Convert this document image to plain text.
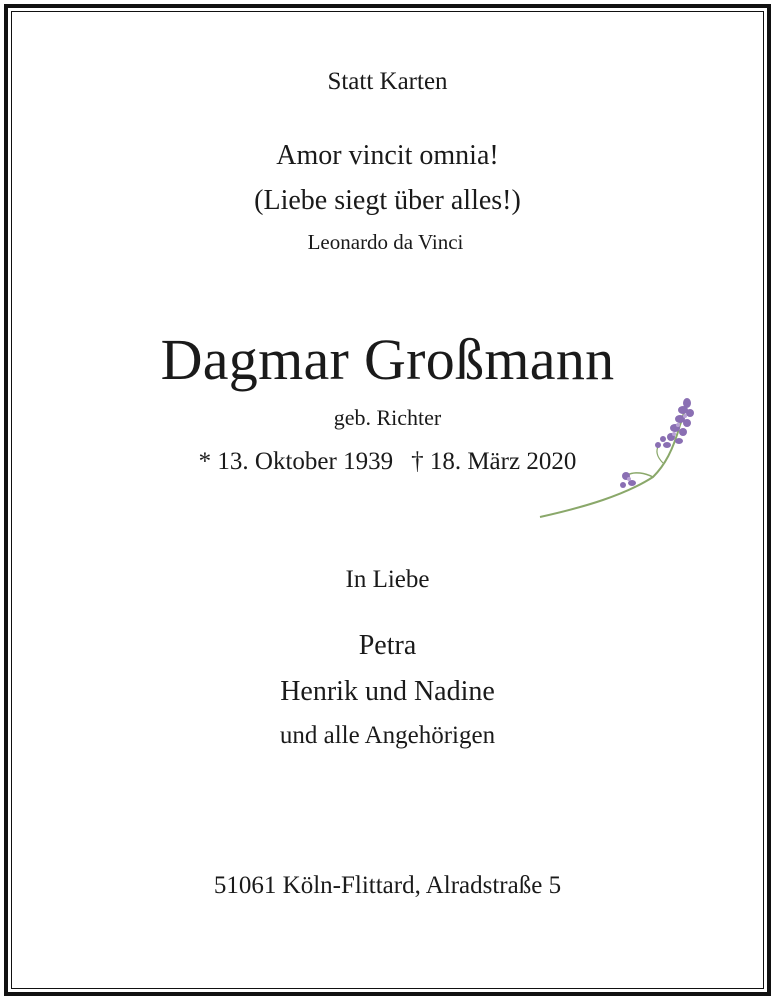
Statt Karten
Amor vincit omnia!
(Liebe siegt über alles!)
Leonardo da Vinci
Dagmar Großmann
geb. Richter
* 13. Oktober 1939 † 18. März 2020
In Liebe
Petra
Henrik und Nadine
und alle Angehörigen
51061 Köln-Flittard, Alradstraße 5
